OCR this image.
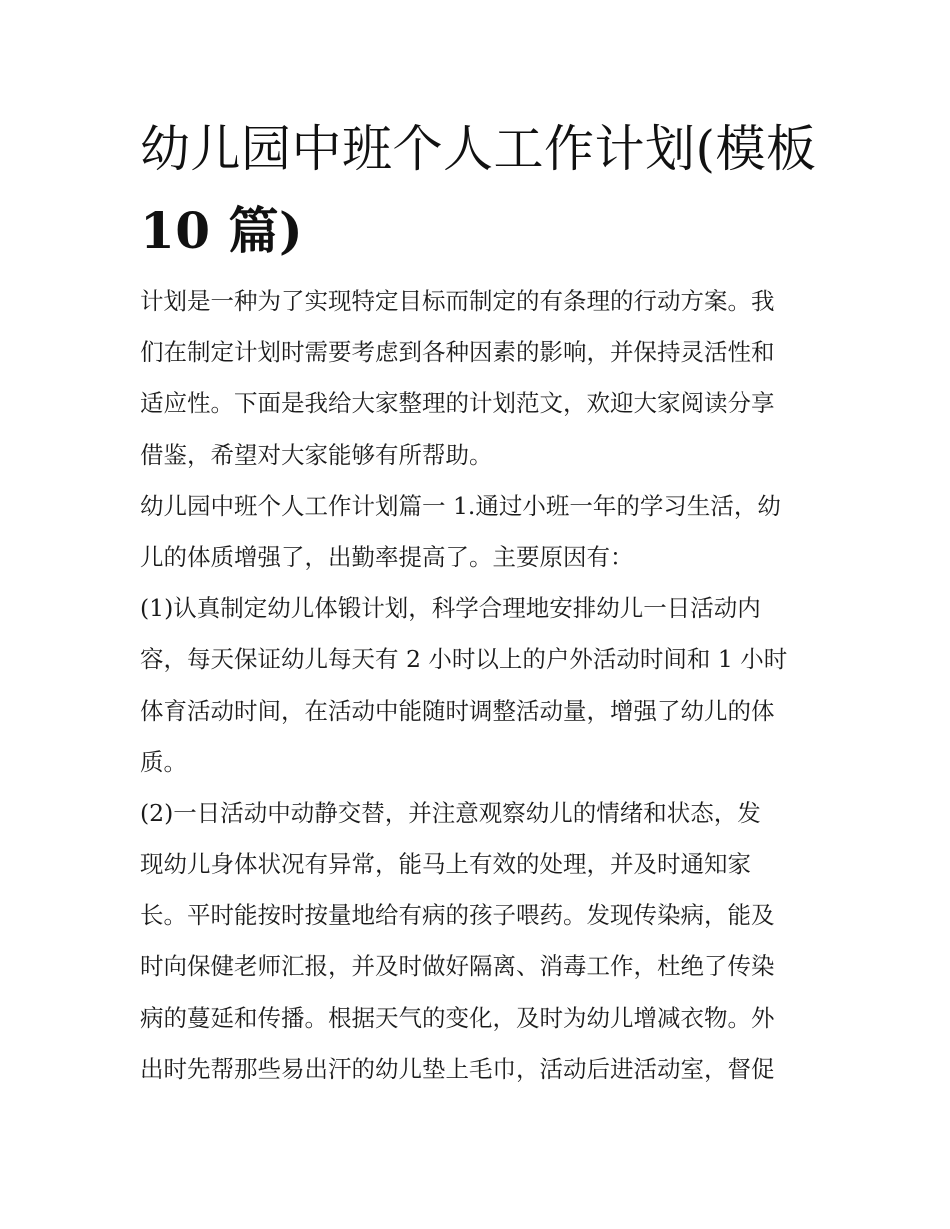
幼儿园中班个人工作计划(模板
10 篇)
计划是一种为了实现特定目标而制定的有条理的行动方案。我
们在制定计划时需要考虑到各种因素的影响，并保持灵活性和
适应性。下面是我给大家整理的计划范文，欢迎大家阅读分享
借鉴，希望对大家能够有所帮助。
幼儿园中班个人工作计划篇一 1.通过小班一年的学习生活，幼
儿的体质增强了，出勤率提高了。主要原因有：
(1)认真制定幼儿体锻计划，科学合理地安排幼儿一日活动内
容，每天保证幼儿每天有 2 小时以上的户外活动时间和 1 小时
体育活动时间，在活动中能随时调整活动量，增强了幼儿的体
质。
(2)一日活动中动静交替，并注意观察幼儿的情绪和状态，发
现幼儿身体状况有异常，能马上有效的处理，并及时通知家
长。平时能按时按量地给有病的孩子喂药。发现传染病，能及
时向保健老师汇报，并及时做好隔离、消毒工作，杜绝了传染
病的蔓延和传播。根据天气的变化，及时为幼儿增减衣物。外
出时先帮那些易出汗的幼儿垫上毛巾，活动后进活动室，督促
